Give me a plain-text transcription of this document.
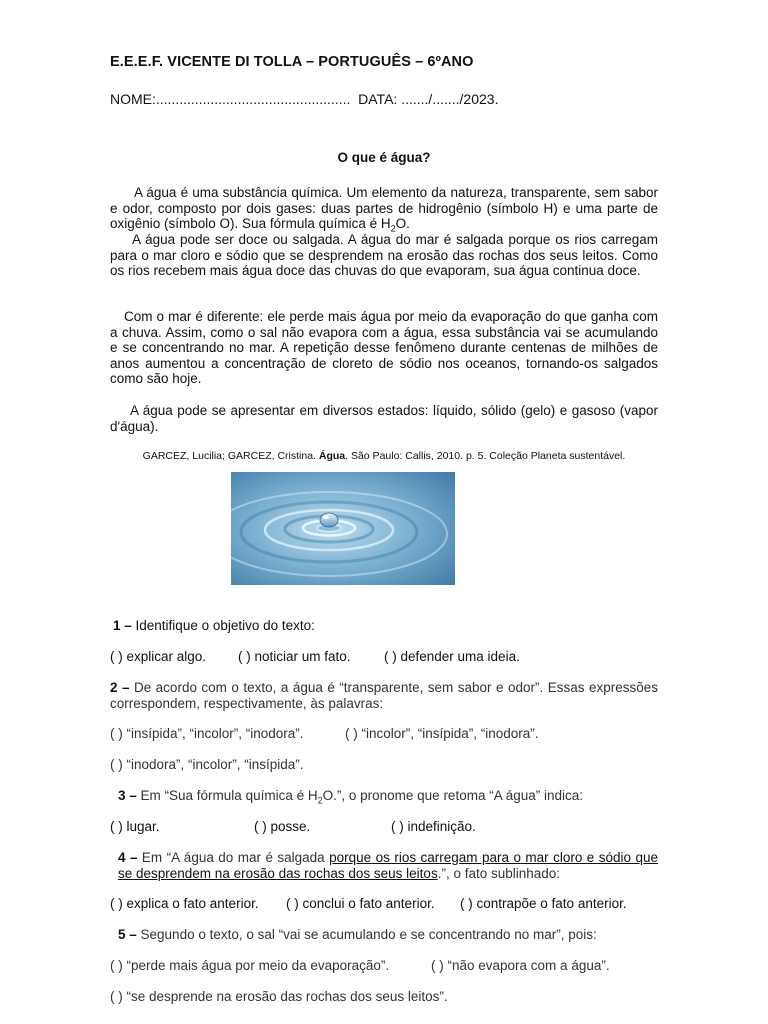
E.E.E.F. VICENTE DI TOLLA – PORTUGUÊS – 6ºANO
NOME:..................................................  DATA: ......./......./2023.
O que é água?
A água é uma substância química. Um elemento da natureza, transparente, sem sabor e odor, composto por dois gases: duas partes de hidrogênio (símbolo H) e uma parte de oxigênio (símbolo O). Sua fórmula química é $H_2O$.
A água pode ser doce ou salgada. A água do mar é salgada porque os rios carregam para o mar cloro e sódio que se desprendem na erosão das rochas dos seus leitos. Como os rios recebem mais água doce das chuvas do que evaporam, sua água continua doce.
Com o mar é diferente: ele perde mais água por meio da evaporação do que ganha com a chuva. Assim, como o sal não evapora com a água, essa substância vai se acumulando e se concentrando no mar. A repetição desse fenômeno durante centenas de milhões de anos aumentou a concentração de cloreto de sódio nos oceanos, tornando-os salgados como são hoje.
A água pode se apresentar em diversos estados: líquido, sólido (gelo) e gasoso (vapor d'água).
GARCEZ, Lucilia; GARCEZ, Cristina. Água. São Paulo: Callis, 2010. p. 5. Coleção Planeta sustentável.
1 – Identifique o objetivo do texto:
( ) explicar algo. ( ) noticiar um fato. ( ) defender uma ideia.
2 – De acordo com o texto, a água é “transparente, sem sabor e odor”. Essas expressões correspondem, respectivamente, às palavras:
( ) “insípida”, “incolor”, “inodora”.	( ) “incolor”, “insípida”, “inodora”.
( ) “inodora”, “incolor”, “insípida”.
3 – Em “Sua fórmula química é $H_2O$.”, o pronome que retoma “A água” indica:
( ) lugar.	( ) posse.	( ) indefinição.
4 – Em “A água do mar é salgada porque os rios carregam para o mar cloro e sódio que se desprendem na erosão das rochas dos seus leitos.”, o fato sublinhado:
( ) explica o fato anterior. ( ) conclui o fato anterior. ( ) contrapõe o fato anterior.
5 – Segundo o texto, o sal “vai se acumulando e se concentrando no mar”, pois:
( ) “perde mais água por meio da evaporação”.	( ) “não evapora com a água”.
( ) “se desprende na erosão das rochas dos seus leitos”.
